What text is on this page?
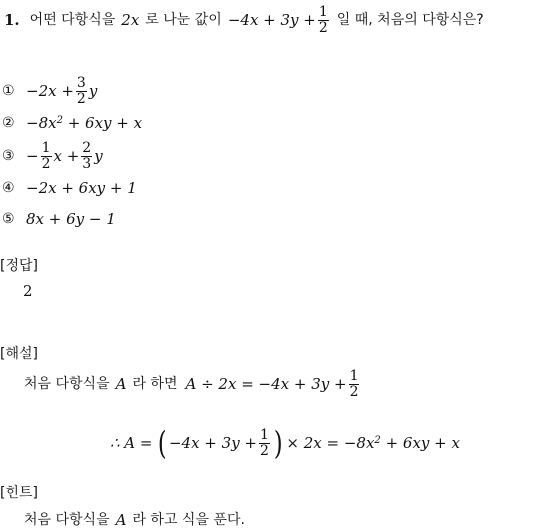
1. 어떤 다항식을 2x 로 나눈 값이 $-4x + 3y + \frac{1}{2}$ 일 때, 처음의 다항식은?
① $-2x + \frac{3}{2}$ y
② $-8x^2 + 6xy + x$
③ − $\frac{1}{2}$ $x + \frac{2}{3}$ y
④ −2x + 6xy + 1
⑤ 8x + 6y − 1
[정답]
2
[해설]
처음 다항식을 A 라 하면 $A \div 2x = -4x + 3y + \frac{1}{2}$
∴ A = ( $-4x + 3y + \frac{1}{2}$ ) × $2x = -8x^2 + 6xy + x$
[힌트]
처음 다항식을 A 라 하고 식을 푼다.
